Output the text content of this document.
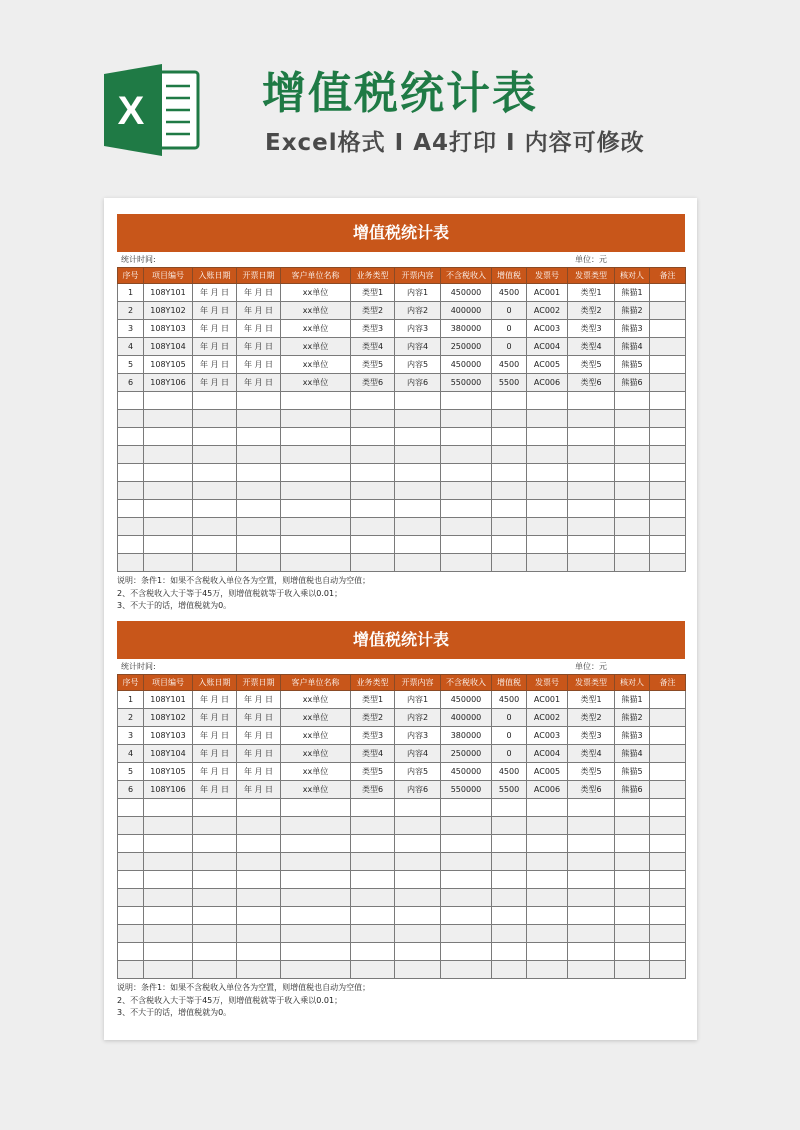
X	增值税统计表

Excel格式 I A4打印 I 内容可修改

增值税统计表
统计时间:	单位：元
序号	项目编号	入账日期	开票日期	客户单位名称	业务类型	开票内容	不含税收入	增值税	发票号	发票类型	核对人	备注
1	108Y101	年 月 日	年 月 日	xx单位	类型1	内容1	450000	4500	AC001	类型1	熊猫1	
2	108Y102	年 月 日	年 月 日	xx单位	类型2	内容2	400000	0	AC002	类型2	熊猫2	
3	108Y103	年 月 日	年 月 日	xx单位	类型3	内容3	380000	0	AC003	类型3	熊猫3	
4	108Y104	年 月 日	年 月 日	xx单位	类型4	内容4	250000	0	AC004	类型4	熊猫4	
5	108Y105	年 月 日	年 月 日	xx单位	类型5	内容5	450000	4500	AC005	类型5	熊猫5	
6	108Y106	年 月 日	年 月 日	xx单位	类型6	内容6	550000	5500	AC006	类型6	熊猫6	

说明：条件1：如果不含税收入单位各为空置，则增值税也自动为空值；
2、不含税收入大于等于45万，则增值税就等于收入乘以0.01；
3、不大于的话，增值税就为0。
增值税统计表
统计时间:	单位：元
序号	项目编号	入账日期	开票日期	客户单位名称	业务类型	开票内容	不含税收入	增值税	发票号	发票类型	核对人	备注
1	108Y101	年 月 日	年 月 日	xx单位	类型1	内容1	450000	4500	AC001	类型1	熊猫1	
2	108Y102	年 月 日	年 月 日	xx单位	类型2	内容2	400000	0	AC002	类型2	熊猫2	
3	108Y103	年 月 日	年 月 日	xx单位	类型3	内容3	380000	0	AC003	类型3	熊猫3	
4	108Y104	年 月 日	年 月 日	xx单位	类型4	内容4	250000	0	AC004	类型4	熊猫4	
5	108Y105	年 月 日	年 月 日	xx单位	类型5	内容5	450000	4500	AC005	类型5	熊猫5	
6	108Y106	年 月 日	年 月 日	xx单位	类型6	内容6	550000	5500	AC006	类型6	熊猫6	

说明：条件1：如果不含税收入单位各为空置，则增值税也自动为空值；
2、不含税收入大于等于45万，则增值税就等于收入乘以0.01；
3、不大于的话，增值税就为0。
